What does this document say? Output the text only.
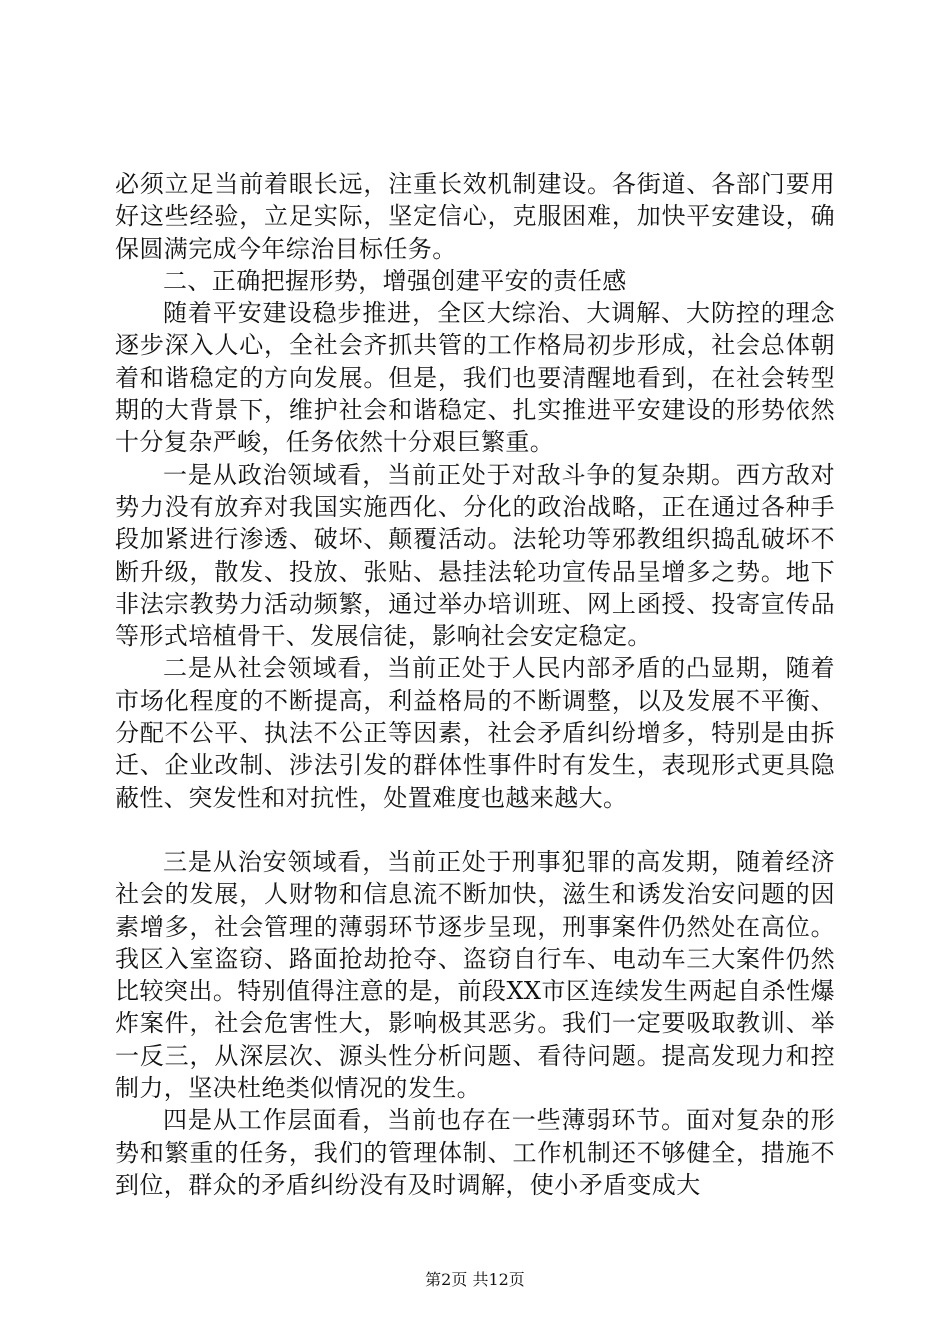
必须立足当前着眼长远，注重长效机制建设。各街道、各部门要用好这些经验，立足实际，坚定信心，克服困难，加快平安建设，确保圆满完成今年综治目标任务。

二、正确把握形势，增强创建平安的责任感

随着平安建设稳步推进，全区大综治、大调解、大防控的理念逐步深入人心，全社会齐抓共管的工作格局初步形成，社会总体朝着和谐稳定的方向发展。但是，我们也要清醒地看到，在社会转型期的大背景下，维护社会和谐稳定、扎实推进平安建设的形势依然十分复杂严峻，任务依然十分艰巨繁重。

一是从政治领域看，当前正处于对敌斗争的复杂期。西方敌对势力没有放弃对我国实施西化、分化的政治战略，正在通过各种手段加紧进行渗透、破坏、颠覆活动。法轮功等邪教组织捣乱破坏不断升级，散发、投放、张贴、悬挂法轮功宣传品呈增多之势。地下非法宗教势力活动频繁，通过举办培训班、网上函授、投寄宣传品等形式培植骨干、发展信徒，影响社会安定稳定。

二是从社会领域看，当前正处于人民内部矛盾的凸显期，随着市场化程度的不断提高，利益格局的不断调整，以及发展不平衡、分配不公平、执法不公正等因素，社会矛盾纠纷增多，特别是由拆迁、企业改制、涉法引发的群体性事件时有发生，表现形式更具隐蔽性、突发性和对抗性，处置难度也越来越大。

三是从治安领域看，当前正处于刑事犯罪的高发期，随着经济社会的发展，人财物和信息流不断加快，滋生和诱发治安问题的因素增多，社会管理的薄弱环节逐步呈现，刑事案件仍然处在高位。我区入室盗窃、路面抢劫抢夺、盗窃自行车、电动车三大案件仍然比较突出。特别值得注意的是，前段XX市区连续发生两起自杀性爆炸案件，社会危害性大，影响极其恶劣。我们一定要吸取教训、举一反三，从深层次、源头性分析问题、看待问题。提高发现力和控制力，坚决杜绝类似情况的发生。

四是从工作层面看，当前也存在一些薄弱环节。面对复杂的形势和繁重的任务，我们的管理体制、工作机制还不够健全，措施不到位，群众的矛盾纠纷没有及时调解，使小矛盾变成大

第2页 共12页
